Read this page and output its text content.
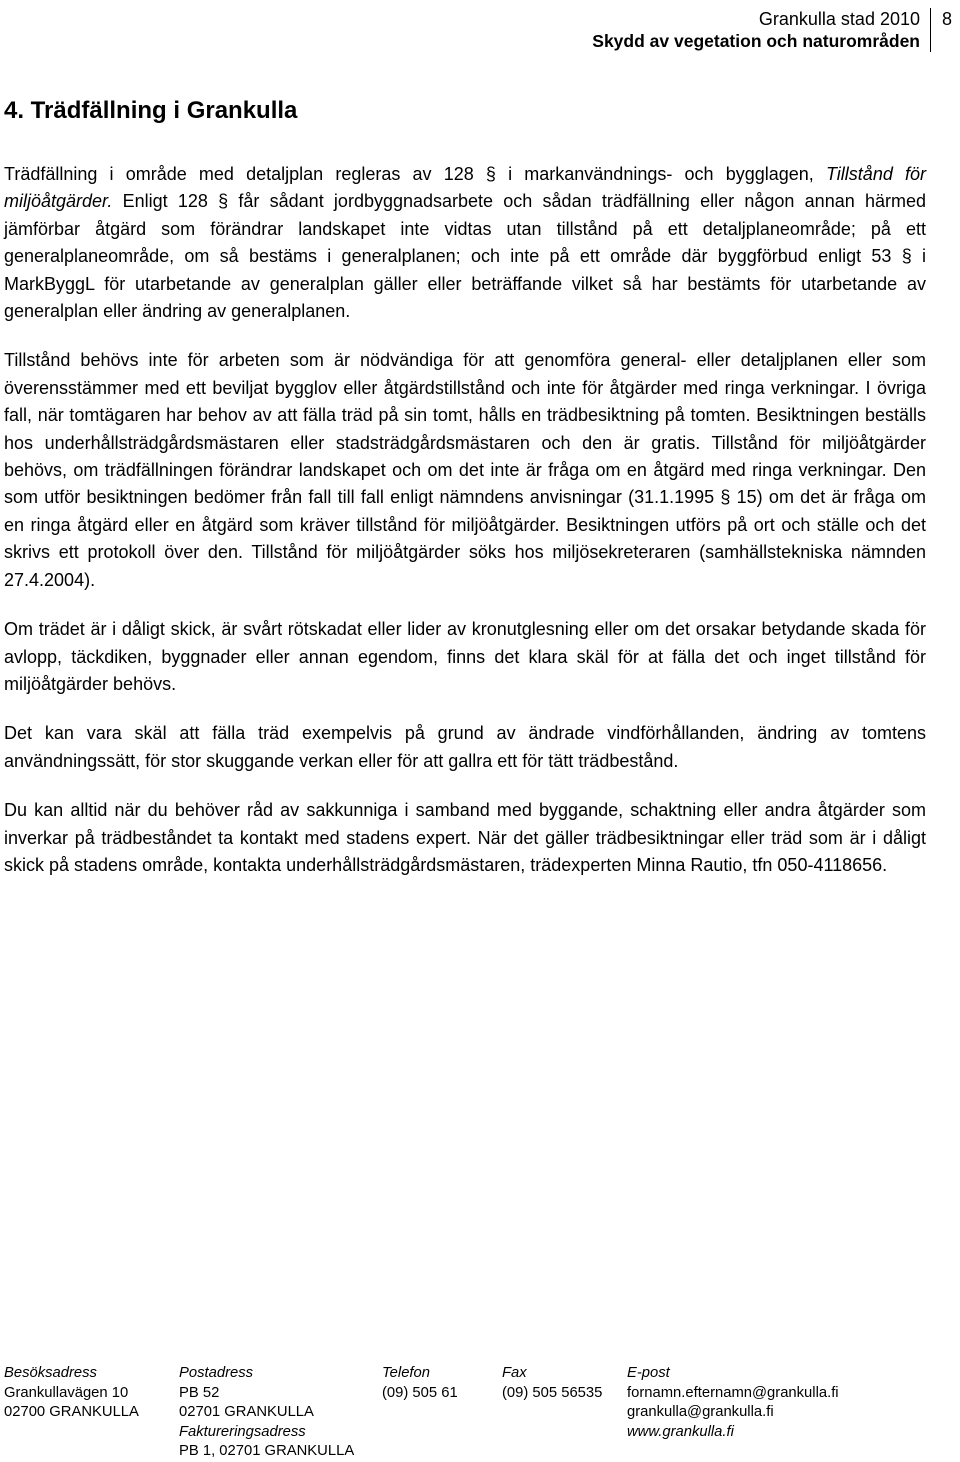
Grankulla stad 2010
Skydd av vegetation och naturområden
8
4. Trädfällning i Grankulla

Trädfällning i område med detaljplan regleras av 128 § i markanvändnings- och bygglagen, Tillstånd för miljöåtgärder. Enligt 128 § får sådant jordbyggnadsarbete och sådan trädfällning eller någon annan härmed jämförbar åtgärd som förändrar landskapet inte vidtas utan tillstånd på ett detaljplaneområde; på ett generalplaneområde, om så bestäms i generalplanen; och inte på ett område där byggförbud enligt 53 § i MarkByggL för utarbetande av generalplan gäller eller beträffande vilket så har bestämts för utarbetande av generalplan eller ändring av generalplanen.

Tillstånd behövs inte för arbeten som är nödvändiga för att genomföra general- eller detaljplanen eller som överensstämmer med ett beviljat bygglov eller åtgärdstillstånd och inte för åtgärder med ringa verkningar. I övriga fall, när tomtägaren har behov av att fälla träd på sin tomt, hålls en trädbesiktning på tomten. Besiktningen beställs hos underhållsträdgårdsmästaren eller stadsträdgårdsmästaren och den är gratis. Tillstånd för miljöåtgärder behövs, om trädfällningen förändrar landskapet och om det inte är fråga om en åtgärd med ringa verkningar. Den som utför besiktningen bedömer från fall till fall enligt nämndens anvisningar (31.1.1995 § 15) om det är fråga om en ringa åtgärd eller en åtgärd som kräver tillstånd för miljöåtgärder. Besiktningen utförs på ort och ställe och det skrivs ett protokoll över den. Tillstånd för miljöåtgärder söks hos miljösekreteraren (samhällstekniska nämnden 27.4.2004).

Om trädet är i dåligt skick, är svårt rötskadat eller lider av kronutglesning eller om det orsakar betydande skada för avlopp, täckdiken, byggnader eller annan egendom, finns det klara skäl för at fälla det och inget tillstånd för miljöåtgärder behövs.

Det kan vara skäl att fälla träd exempelvis på grund av ändrade vindförhållanden, ändring av tomtens användningssätt, för stor skuggande verkan eller för att gallra ett för tätt trädbestånd.

Du kan alltid när du behöver råd av sakkunniga i samband med byggande, schaktning eller andra åtgärder som inverkar på trädbeståndet ta kontakt med stadens expert. När det gäller trädbesiktningar eller träd som är i dåligt skick på stadens område, kontakta underhållsträdgårdsmästaren, trädexperten Minna Rautio, tfn 050-4118656.

Besöksadress
Grankullavägen 10
02700 GRANKULLA
Postadress
PB 52
02701 GRANKULLA
Faktureringsadress
PB 1, 02701 GRANKULLA
Telefon
(09) 505 61
Fax
(09) 505 56535
E-post
fornamn.efternamn@grankulla.fi
grankulla@grankulla.fi
www.grankulla.fi
